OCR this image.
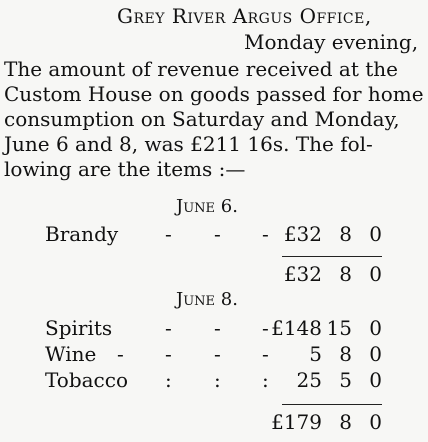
Grey River Argus Office,
Monday evening,
The amount of revenue received at the
Custom House on goods passed for home
consumption on Saturday and Monday,
June 6 and 8, was £211 16s. The fol-
lowing are the items :—
June 6.
Brandy - - - £32 8 0
£32 8 0
June 8.
Spirits	- - - £148 15 0
Wine - - - -	5 8 0
Tobacco : : :	25 5 0
£179 8 0
